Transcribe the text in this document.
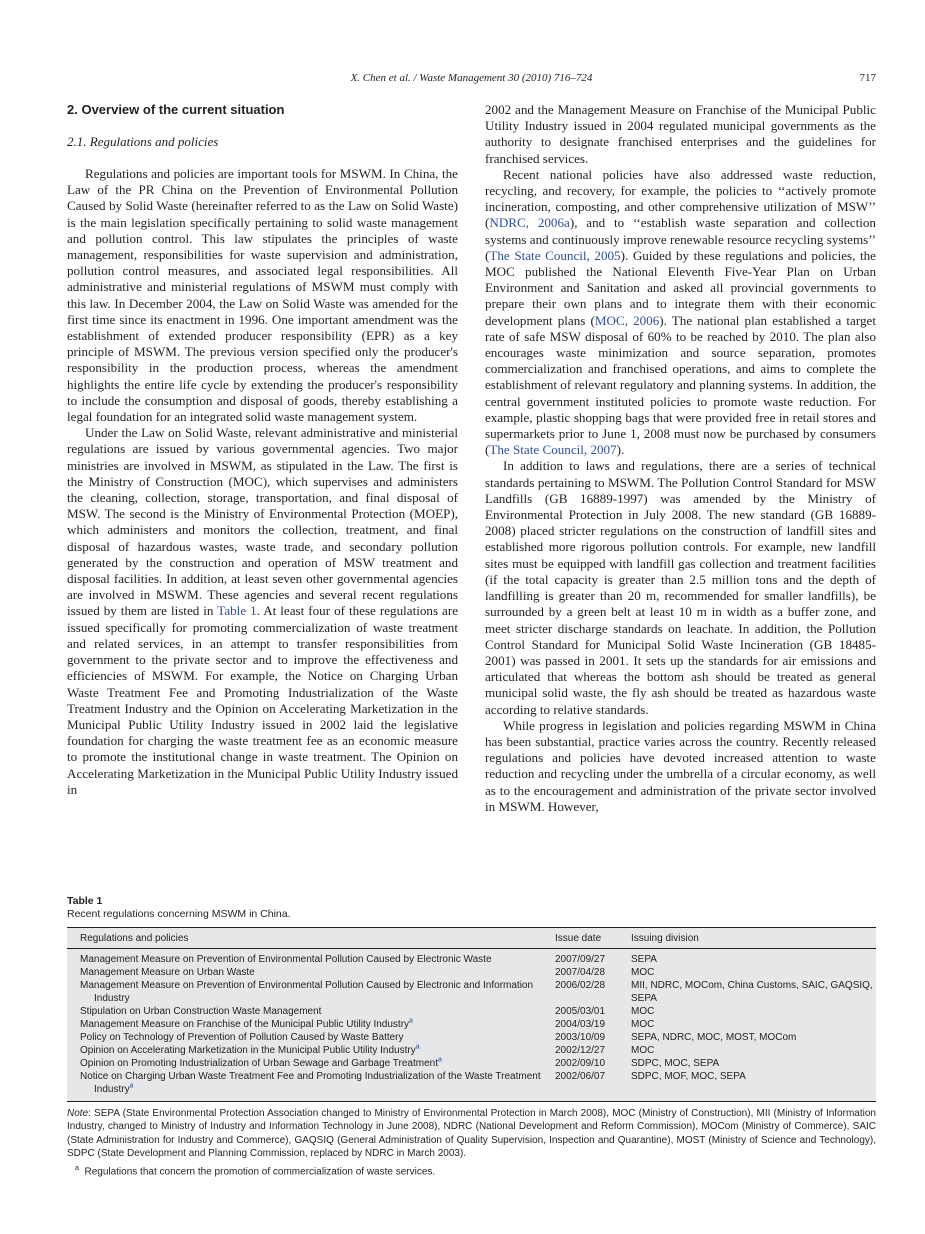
X. Chen et al. / Waste Management 30 (2010) 716–724	717
2. Overview of the current situation
2.1. Regulations and policies

Regulations and policies are important tools for MSWM. In China, the Law of the PR China on the Prevention of Environmental Pollution Caused by Solid Waste (hereinafter referred to as the Law on Solid Waste) is the main legislation specifically pertaining to solid waste management and pollution control. This law stipulates the principles of waste management, responsibilities for waste supervision and administration, pollution control measures, and associated legal responsibilities. All administrative and ministerial regulations of MSWM must comply with this law. In December 2004, the Law on Solid Waste was amended for the first time since its enactment in 1996. One important amendment was the establishment of extended producer responsibility (EPR) as a key principle of MSWM. The previous version specified only the producer's responsibility in the production process, whereas the amendment highlights the entire life cycle by extending the producer's responsibility to include the consumption and disposal of goods, thereby establishing a legal foundation for an integrated solid waste management system.

Under the Law on Solid Waste, relevant administrative and ministerial regulations are issued by various governmental agencies. Two major ministries are involved in MSWM, as stipulated in the Law. The first is the Ministry of Construction (MOC), which supervises and administers the cleaning, collection, storage, transportation, and final disposal of MSW. The second is the Ministry of Environmental Protection (MOEP), which administers and monitors the collection, treatment, and final disposal of hazardous wastes, waste trade, and secondary pollution generated by the construction and operation of MSW treatment and disposal facilities. In addition, at least seven other governmental agencies are involved in MSWM. These agencies and several recent regulations issued by them are listed in Table 1. At least four of these regulations are issued specifically for promoting commercialization of waste treatment and related services, in an attempt to transfer responsibilities from government to the private sector and to improve the effectiveness and efficiencies of MSWM. For example, the Notice on Charging Urban Waste Treatment Fee and Promoting Industrialization of the Waste Treatment Industry and the Opinion on Accelerating Marketization in the Municipal Public Utility Industry issued in 2002 laid the legislative foundation for charging the waste treatment fee as an economic measure to promote the institutional change in waste treatment. The Opinion on Accelerating Marketization in the Municipal Public Utility Industry issued in

2002 and the Management Measure on Franchise of the Municipal Public Utility Industry issued in 2004 regulated municipal governments as the authority to designate franchised enterprises and the guidelines for franchised services.

Recent national policies have also addressed waste reduction, recycling, and recovery, for example, the policies to ‘‘actively promote incineration, composting, and other comprehensive utilization of MSW’’ (NDRC, 2006a), and to ‘‘establish waste separation and collection systems and continuously improve renewable resource recycling systems’’ (The State Council, 2005). Guided by these regulations and policies, the MOC published the National Eleventh Five-Year Plan on Urban Environment and Sanitation and asked all provincial governments to prepare their own plans and to integrate them with their economic development plans (MOC, 2006). The national plan established a target rate of safe MSW disposal of 60% to be reached by 2010. The plan also encourages waste minimization and source separation, promotes commercialization and franchised operations, and aims to complete the establishment of relevant regulatory and planning systems. In addition, the central government instituted policies to promote waste reduction. For example, plastic shopping bags that were provided free in retail stores and supermarkets prior to June 1, 2008 must now be purchased by consumers (The State Council, 2007).

In addition to laws and regulations, there are a series of technical standards pertaining to MSWM. The Pollution Control Standard for MSW Landfills (GB 16889-1997) was amended by the Ministry of Environmental Protection in July 2008. The new standard (GB 16889-2008) placed stricter regulations on the construction of landfill sites and established more rigorous pollution controls. For example, new landfill sites must be equipped with landfill gas collection and treatment facilities (if the total capacity is greater than 2.5 million tons and the depth of landfilling is greater than 20 m, recommended for smaller landfills), be surrounded by a green belt at least 10 m in width as a buffer zone, and meet stricter discharge standards on leachate. In addition, the Pollution Control Standard for Municipal Solid Waste Incineration (GB 18485-2001) was passed in 2001. It sets up the standards for air emissions and articulated that whereas the bottom ash should be treated as general municipal solid waste, the fly ash should be treated as hazardous waste according to relative standards.

While progress in legislation and policies regarding MSWM in China has been substantial, practice varies across the country. Recently released regulations and policies have devoted increased attention to waste reduction and recycling under the umbrella of a circular economy, as well as to the encouragement and administration of the private sector involved in MSWM. However,

Table 1
Recent regulations concerning MSWM in China.
Regulations and policies	Issue date	Issuing division

Management Measure on Prevention of Environmental Pollution Caused by Electronic Waste	2007/09/27	SEPA

Management Measure on Urban Waste	2007/04/28	MOC

Management Measure on Prevention of Environmental Pollution Caused by Electronic and Information Industry	2006/02/28	MII, NDRC, MOCom, China Customs, SAIC, GAQSIQ, SEPA

Stipulation on Urban Construction Waste Management	2005/03/01	MOC

Management Measure on Franchise of the Municipal Public Utility Industry$^a$	2004/03/19	MOC

Policy on Technology of Prevention of Pollution Caused by Waste Battery	2003/10/09	SEPA, NDRC, MOC, MOST, MOCom

Opinion on Accelerating Marketization in the Municipal Public Utility Industry$^a$	2002/12/27	MOC

Opinion on Promoting Industrialization of Urban Sewage and Garbage Treatment$^a$	2002/09/10	SDPC, MOC, SEPA

Notice on Charging Urban Waste Treatment Fee and Promoting Industrialization of the Waste Treatment Industry$^a$	2002/06/07	SDPC, MOF, MOC, SEPA
Note: SEPA (State Environmental Protection Association changed to Ministry of Environmental Protection in March 2008), MOC (Ministry of Construction), MII (Ministry of Information Industry, changed to Ministry of Industry and Information Technology in June 2008), NDRC (National Development and Reform Commission), MOCom (Ministry of Commerce), SAIC (State Administration for Industry and Commerce), GAQSIQ (General Administration of Quality Supervision, Inspection and Quarantine), MOST (Ministry of Science and Technology), SDPC (State Development and Planning Commission, replaced by NDRC in March 2003).
$^a$ Regulations that concern the promotion of commercialization of waste services.
